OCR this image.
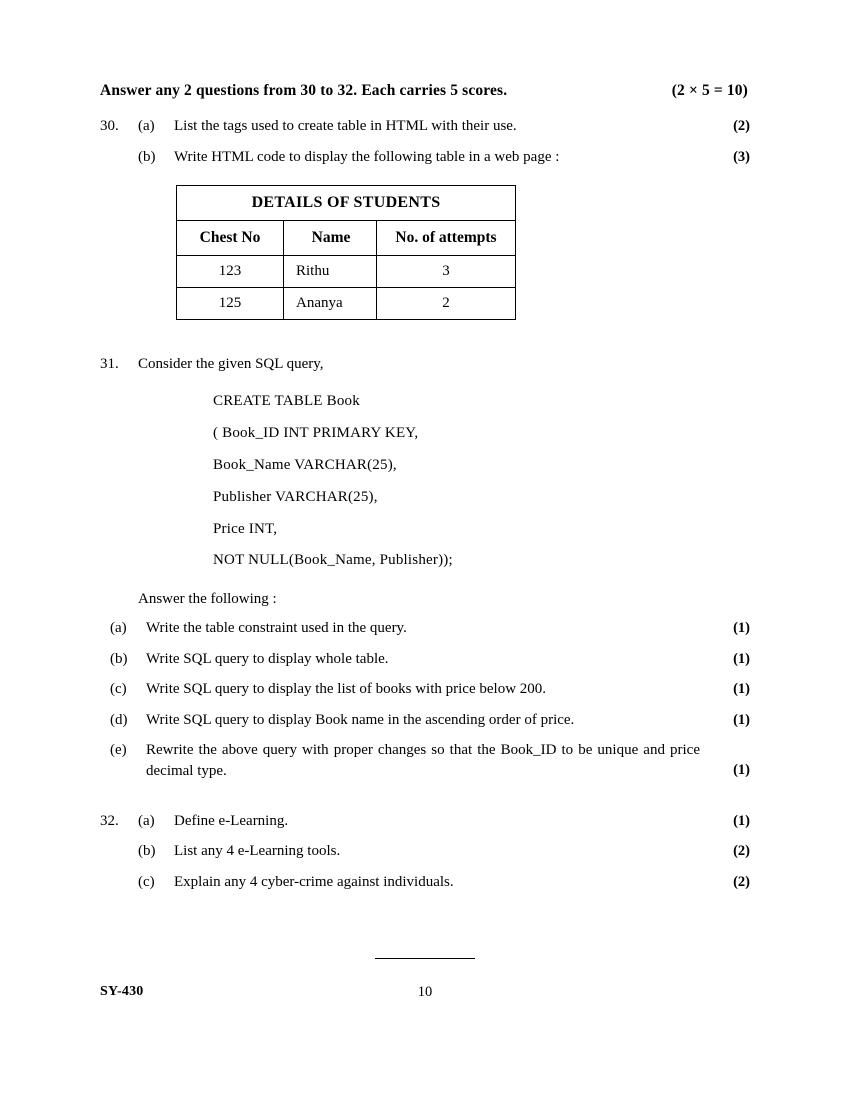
Answer any 2 questions from 30 to 32. Each carries 5 scores.	(2 × 5 = 10)
30.	(a)	List the tags used to create table in HTML with their use.	(2)
(b)	Write HTML code to display the following table in a web page :	(3)
DETAILS OF STUDENTS		
Chest No	Name	No. of attempts
123	Rithu	3
125	Ananya	2
31.	Consider the given SQL query,
CREATE TABLE Book
( Book_ID INT PRIMARY KEY,
Book_Name VARCHAR(25),
Publisher VARCHAR(25),
Price INT,
NOT NULL(Book_Name, Publisher));
Answer the following :
(a)	Write the table constraint used in the query.	(1)
(b)	Write SQL query to display whole table.	(1)
(c)	Write SQL query to display the list of books with price below 200.	(1)
(d)	Write SQL query to display Book name in the ascending order of price.	(1)
(e)	Rewrite the above query with proper changes so that the Book_ID to be unique and price decimal type.	(1)
32.	(a)	Define e-Learning.	(1)
(b)	List any 4 e-Learning tools.	(2)
(c)	Explain any 4 cyber-crime against individuals.	(2)
SY-430	10
